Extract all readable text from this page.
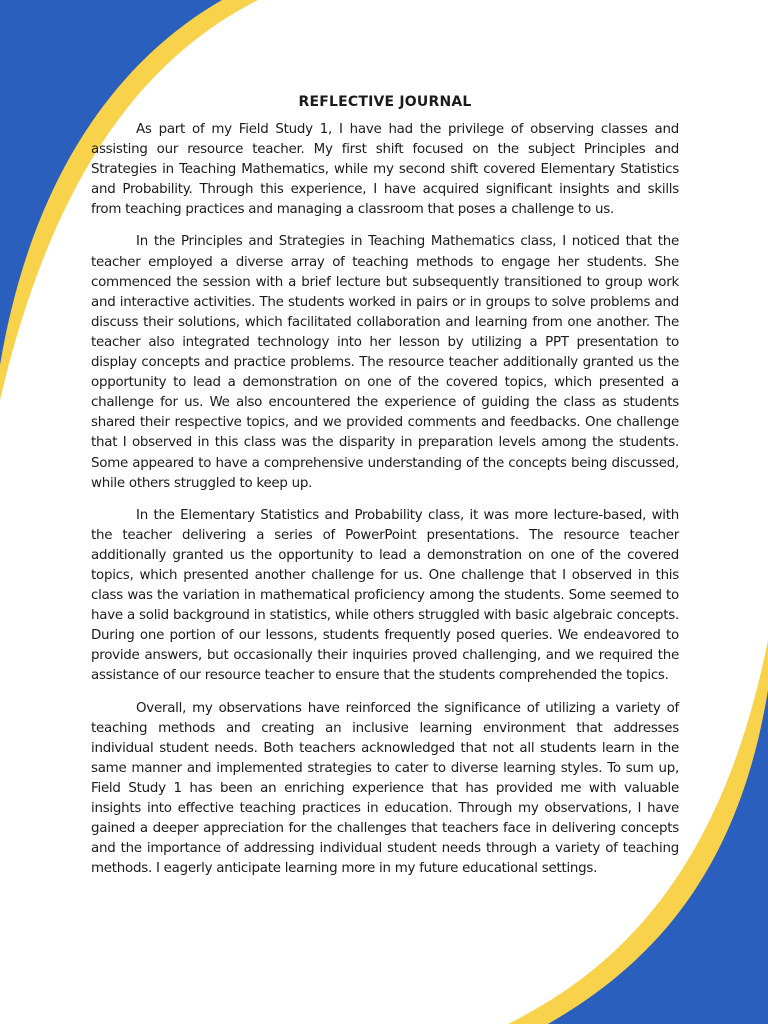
REFLECTIVE JOURNAL

As part of my Field Study 1, I have had the privilege of observing classes and assisting our resource teacher. My first shift focused on the subject Principles and Strategies in Teaching Mathematics, while my second shift covered Elementary Statistics and Probability. Through this experience, I have acquired significant insights and skills from teaching practices and managing a classroom that poses a challenge to us.

In the Principles and Strategies in Teaching Mathematics class, I noticed that the teacher employed a diverse array of teaching methods to engage her students. She commenced the session with a brief lecture but subsequently transitioned to group work and interactive activities. The students worked in pairs or in groups to solve problems and discuss their solutions, which facilitated collaboration and learning from one another. The teacher also integrated technology into her lesson by utilizing a PPT presentation to display concepts and practice problems. The resource teacher additionally granted us the opportunity to lead a demonstration on one of the covered topics, which presented a challenge for us. We also encountered the experience of guiding the class as students shared their respective topics, and we provided comments and feedbacks. One challenge that I observed in this class was the disparity in preparation levels among the students. Some appeared to have a comprehensive understanding of the concepts being discussed, while others struggled to keep up.

In the Elementary Statistics and Probability class, it was more lecture-based, with the teacher delivering a series of PowerPoint presentations. The resource teacher additionally granted us the opportunity to lead a demonstration on one of the covered topics, which presented another challenge for us. One challenge that I observed in this class was the variation in mathematical proficiency among the students. Some seemed to have a solid background in statistics, while others struggled with basic algebraic concepts. During one portion of our lessons, students frequently posed queries. We endeavored to provide answers, but occasionally their inquiries proved challenging, and we required the assistance of our resource teacher to ensure that the students comprehended the topics.

Overall, my observations have reinforced the significance of utilizing a variety of teaching methods and creating an inclusive learning environment that addresses individual student needs. Both teachers acknowledged that not all students learn in the same manner and implemented strategies to cater to diverse learning styles. To sum up, Field Study 1 has been an enriching experience that has provided me with valuable insights into effective teaching practices in education. Through my observations, I have gained a deeper appreciation for the challenges that teachers face in delivering concepts and the importance of addressing individual student needs through a variety of teaching methods. I eagerly anticipate learning more in my future educational settings.
